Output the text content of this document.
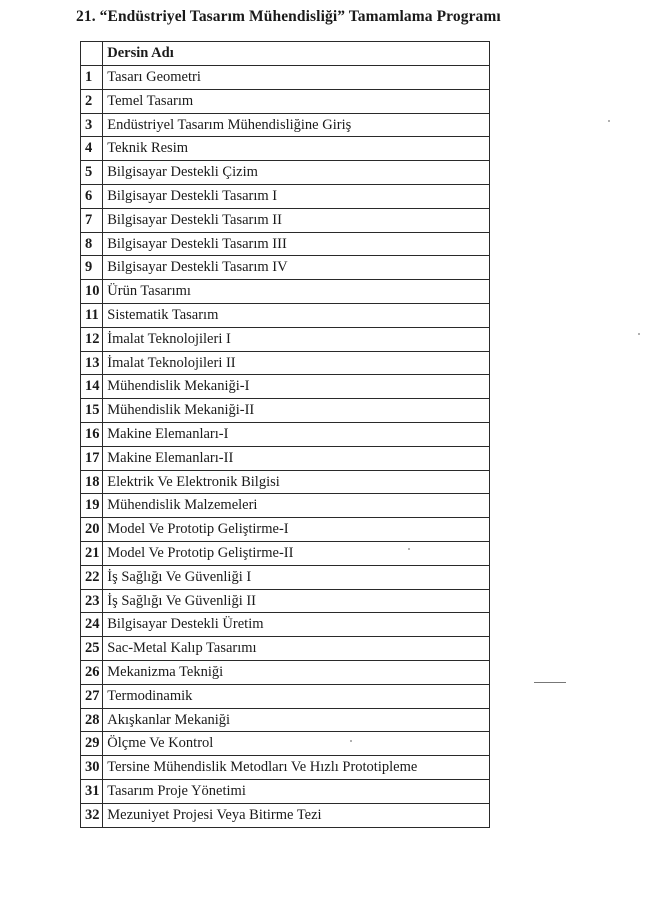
21. “Endüstriyel Tasarım Mühendisliği” Tamamlama Programı
	Dersin Adı
1	Tasarı Geometri
2	Temel Tasarım
3	Endüstriyel Tasarım Mühendisliğine Giriş
4	Teknik Resim
5	Bilgisayar Destekli Çizim
6	Bilgisayar Destekli Tasarım I
7	Bilgisayar Destekli Tasarım II
8	Bilgisayar Destekli Tasarım III
9	Bilgisayar Destekli Tasarım IV
10	Ürün Tasarımı
11	Sistematik Tasarım
12	İmalat Teknolojileri I
13	İmalat Teknolojileri II
14	Mühendislik Mekaniği-I
15	Mühendislik Mekaniği-II
16	Makine Elemanları-I
17	Makine Elemanları-II
18	Elektrik Ve Elektronik Bilgisi
19	Mühendislik Malzemeleri
20	Model Ve Prototip Geliştirme-I
21	Model Ve Prototip Geliştirme-II
22	İş Sağlığı Ve Güvenliği I
23	İş Sağlığı Ve Güvenliği II
24	Bilgisayar Destekli Üretim
25	Sac-Metal Kalıp Tasarımı
26	Mekanizma Tekniği
27	Termodinamik
28	Akışkanlar Mekaniği
29	Ölçme Ve Kontrol
30	Tersine Mühendislik Metodları Ve Hızlı Prototipleme
31	Tasarım Proje Yönetimi
32	Mezuniyet Projesi Veya Bitirme Tezi
